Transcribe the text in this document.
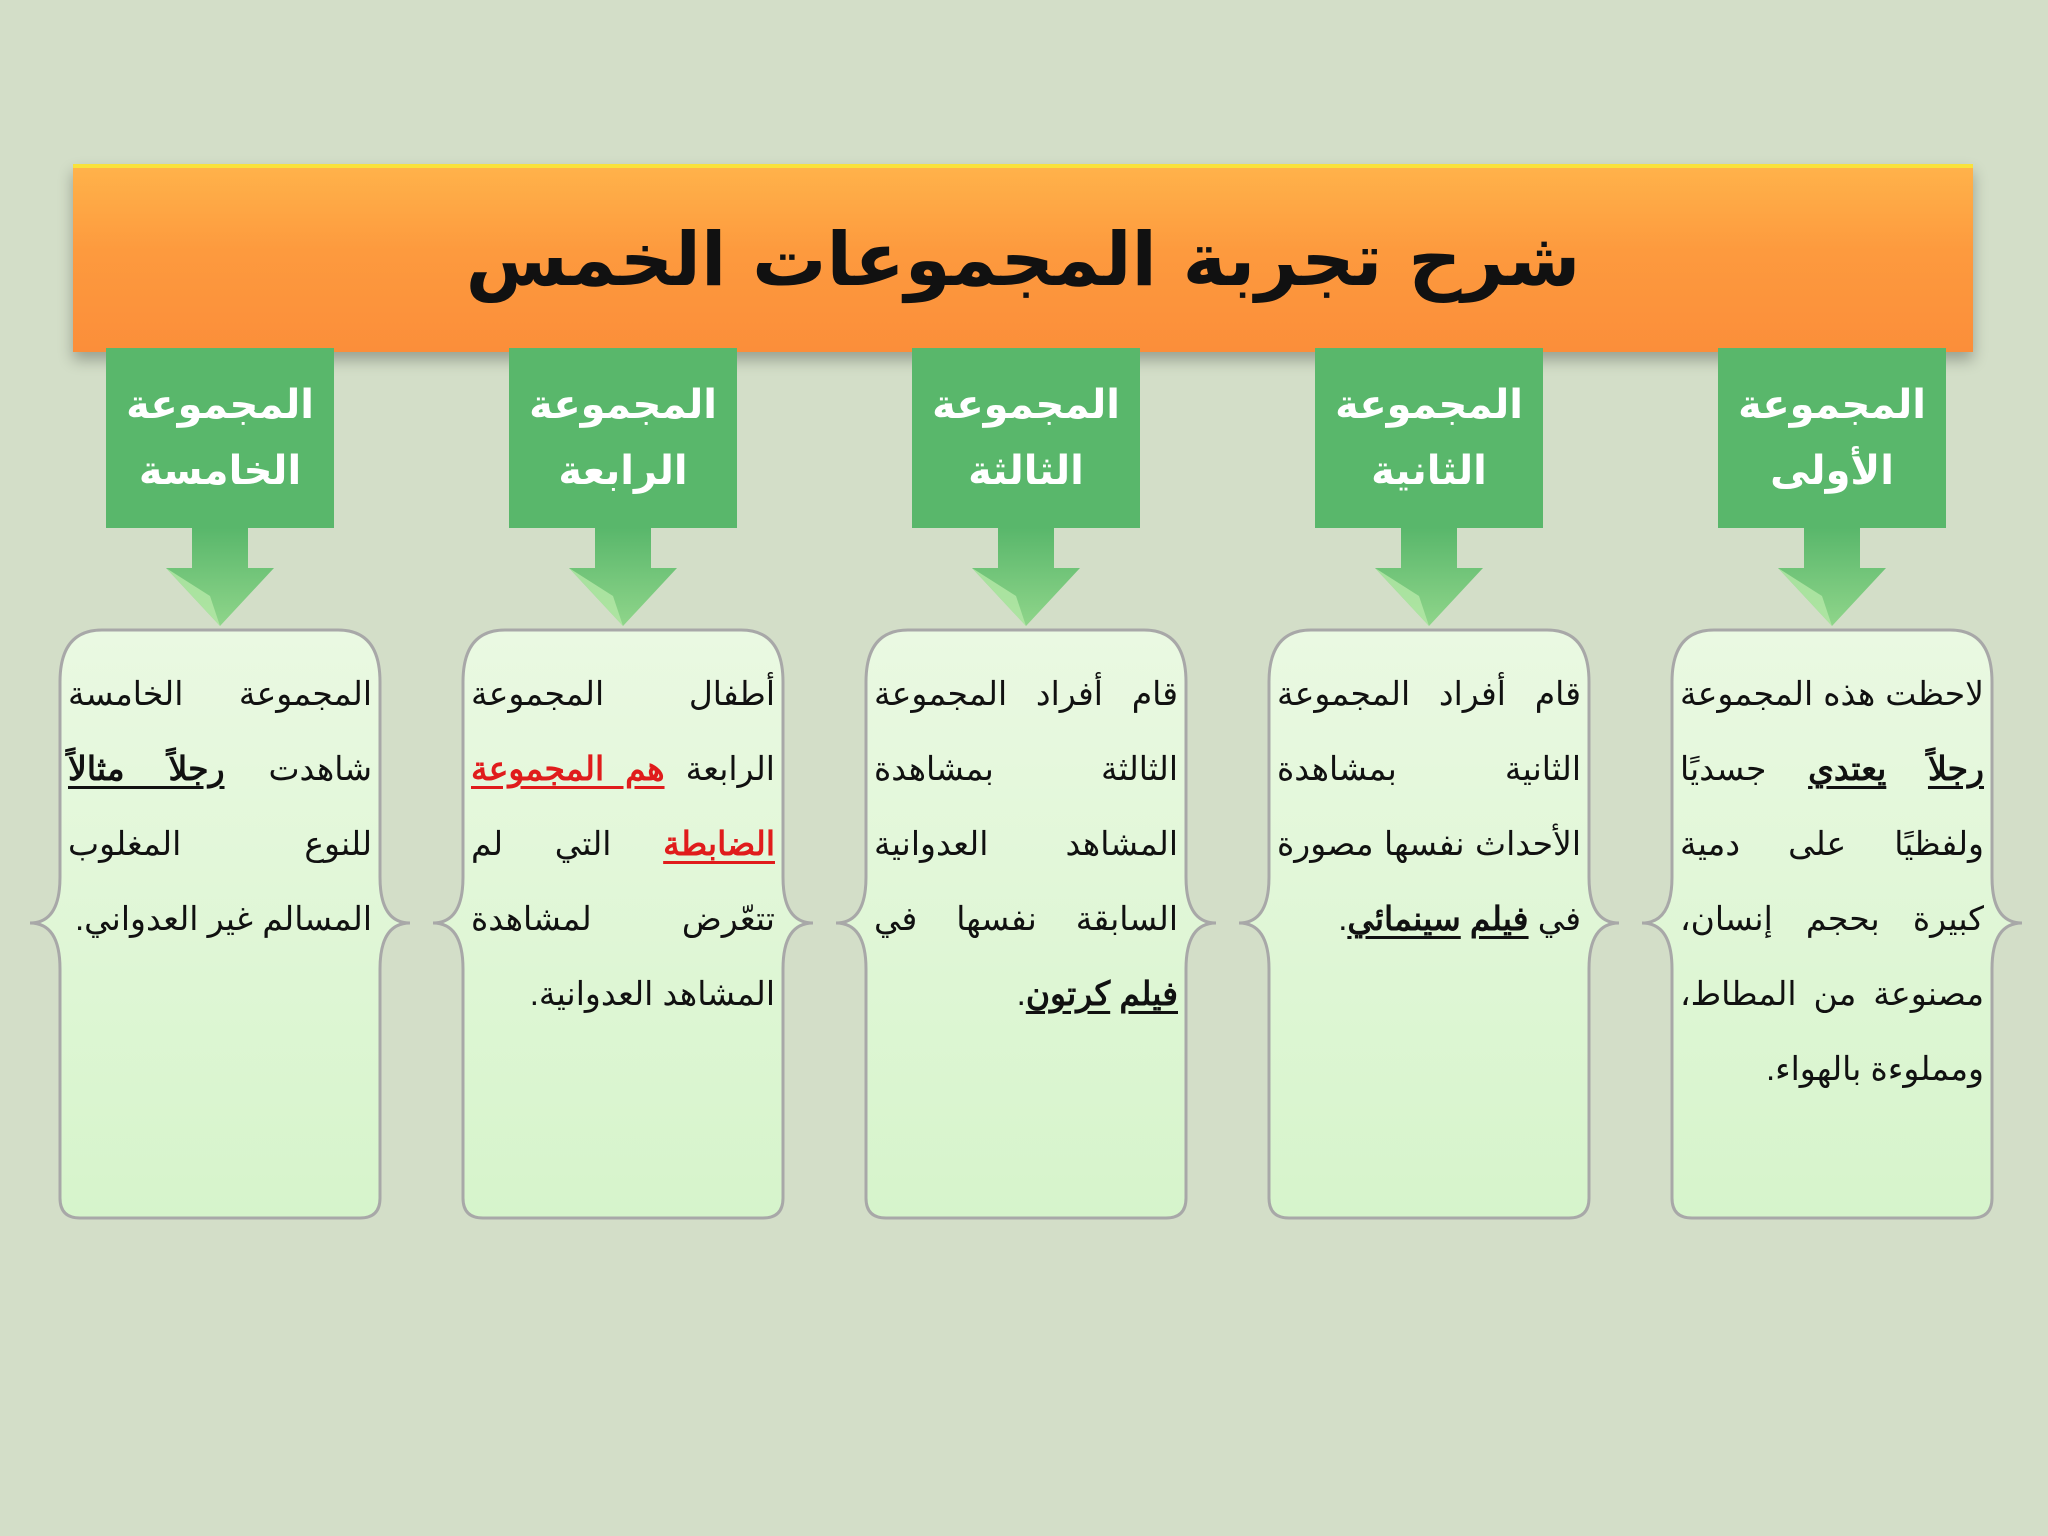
شرح تجربة المجموعات الخمس
المجموعة
الأولى
لاحظت هذه المجموعة رجلاً يعتدي جسديًا ولفظيًا على دمية كبيرة بحجم إنسان، مصنوعة من المطاط، ومملوءة بالهواء.
المجموعة
الثانية
قام أفراد المجموعة الثانية بمشاهدة الأحداث نفسها مصورة في فيلم سينمائي.
المجموعة
الثالثة
قام أفراد المجموعة الثالثة بمشاهدة المشاهد العدوانية السابقة نفسها في فيلم كرتون.
المجموعة
الرابعة
أطفال المجموعة الرابعة هم المجموعة الضابطة التي لم تتعّرض لمشاهدة المشاهد العدوانية.
المجموعة
الخامسة
المجموعة الخامسة شاهدت رجلاً مثالاً للنوع المغلوب المسالم غير العدواني.
